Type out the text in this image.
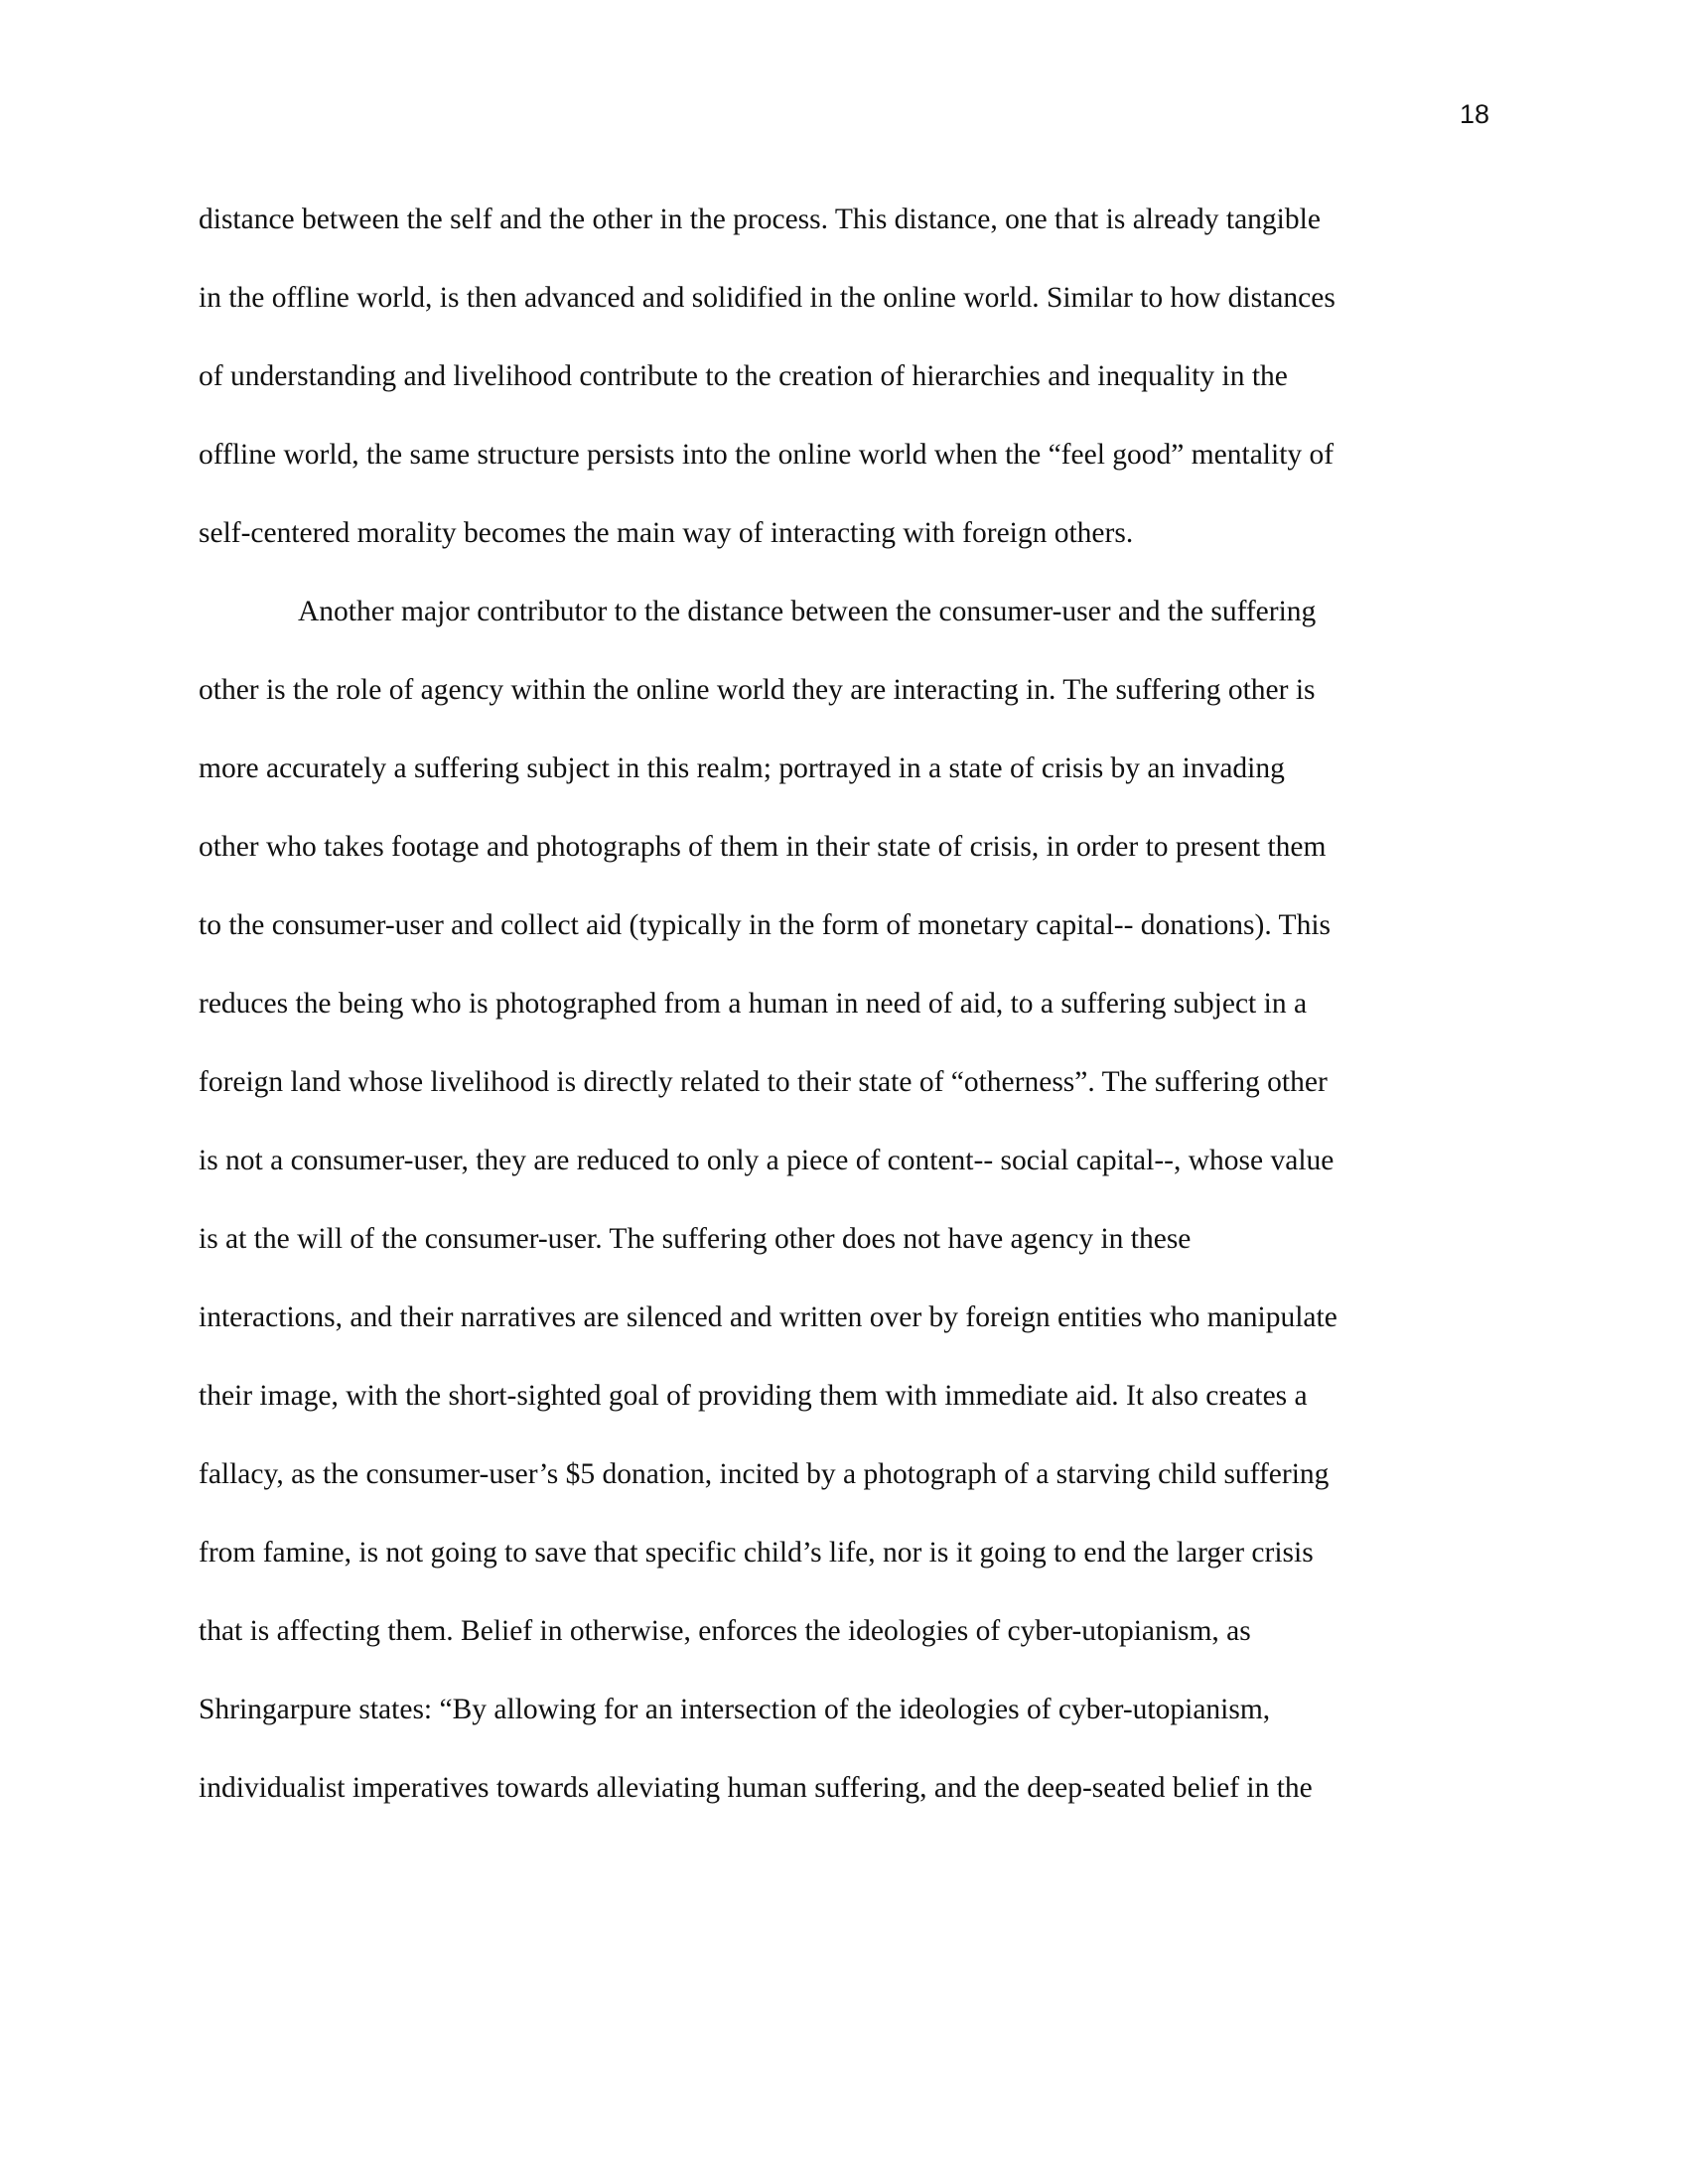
18
distance between the self and the other in the process. This distance, one that is already tangible
in the offline world, is then advanced and solidified in the online world. Similar to how distances
of understanding and livelihood contribute to the creation of hierarchies and inequality in the
offline world, the same structure persists into the online world when the “feel good” mentality of
self-centered morality becomes the main way of interacting with foreign others.
Another major contributor to the distance between the consumer-user and the suffering
other is the role of agency within the online world they are interacting in. The suffering other is
more accurately a suffering subject in this realm; portrayed in a state of crisis by an invading
other who takes footage and photographs of them in their state of crisis, in order to present them
to the consumer-user and collect aid (typically in the form of monetary capital-- donations). This
reduces the being who is photographed from a human in need of aid, to a suffering subject in a
foreign land whose livelihood is directly related to their state of “otherness”. The suffering other
is not a consumer-user, they are reduced to only a piece of content-- social capital--, whose value
is at the will of the consumer-user. The suffering other does not have agency in these
interactions, and their narratives are silenced and written over by foreign entities who manipulate
their image, with the short-sighted goal of providing them with immediate aid. It also creates a
fallacy, as the consumer-user’s $5 donation, incited by a photograph of a starving child suffering
from famine, is not going to save that specific child’s life, nor is it going to end the larger crisis
that is affecting them. Belief in otherwise, enforces the ideologies of cyber-utopianism, as
Shringarpure states: “By allowing for an intersection of the ideologies of cyber-utopianism,
individualist imperatives towards alleviating human suffering, and the deep-seated belief in the
